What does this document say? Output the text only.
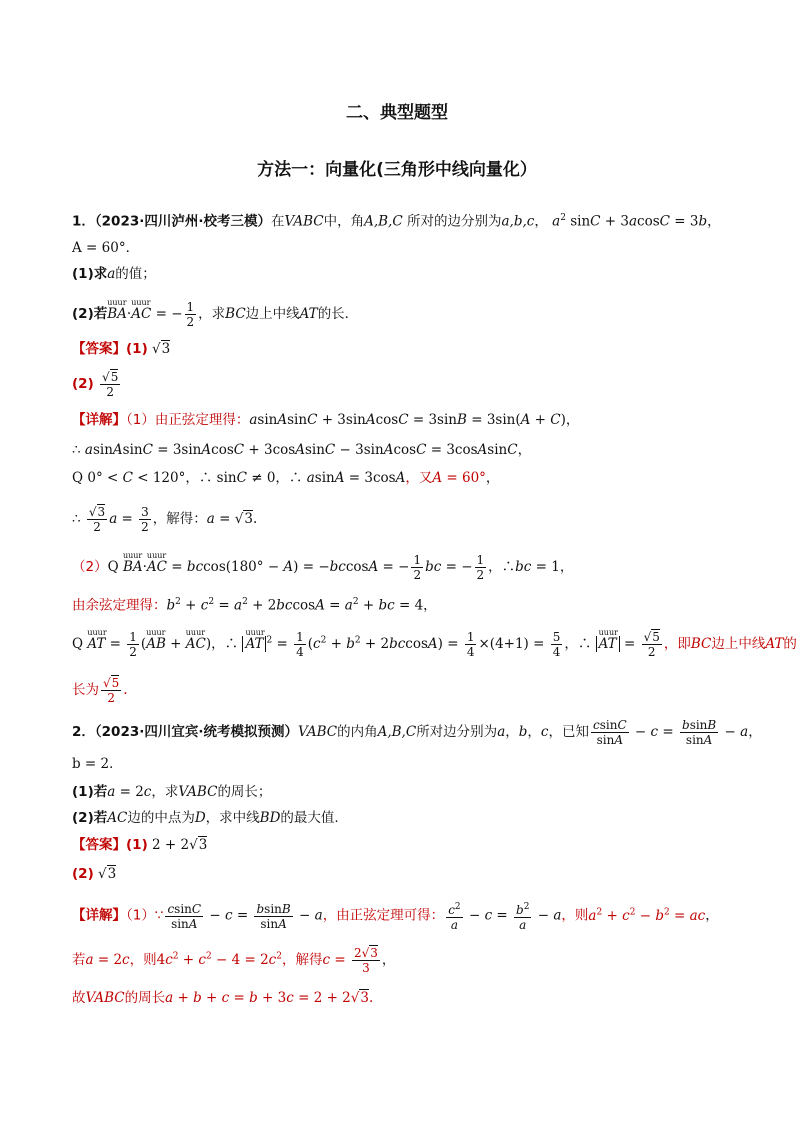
二、典型题型
方法一：向量化(三角形中线向量化）
1．（2023·四川泸州·校考三模）在VABC中，角A,B,C 所对的边分别为a,b,c， $a^2$ sinC + 3acosC = 3b，
A = 60°．
(1)求a的值；
(2)若
uuur
BA·
uuur
AC = − $\frac{1}{2}$ ，求BC边上中线AT的长．
【答案】(1) √3
$(2) \frac{√5}{2}$
【详解】（1）由正弦定理得：asinAsinC + 3sinAcosC = 3sinB = 3sin(A + C)，
∴ asinAsinC = 3sinAcosC + 3cosAsinC − 3sinAcosC = 3cosAsinC，
Q 0° < C < 120°，∴ sinC ≠ 0，∴ asinA = 3cosA，又A = 60°，
∴ $\frac{√3}{2}$ $a = \frac{3}{2}$ ，解得：a = √3.
（2）Q
uuur
BA·
uuur
AC = bccos(180° − A) = −bccosA = − $\frac{1}{2}$ bc = − $\frac{1}{2}$ ，∴bc = 1，
由余弦定理得：$b^2 + c^2 = a^2 + 2bccosA = a^2$ + bc = 4，
Q
uuur
AT = $\frac{1}{2}$ (
uuur
AB +
uuur
AC)，∴
uuur
AT $^2 = \frac{1}{4} (c^2 + b^2 + 2bccosA) = \frac{1}{4} \times(4+1) = \frac{5}{4}$ ，∴
uuur
AT = $\frac{√5}{2}$ ，即BC边上中线AT的
长为 $\frac{√5}{2}$ .
2．（2023·四川宜宾·统考模拟预测）VABC的内角A,B,C所对边分别为a，b，c，已知 $\frac{csinC}{\sin A} - c = \frac{bsinB}{\sin A} - a$，
b = 2．
(1)若a = 2c，求VABC的周长；
(2)若AC边的中点为D，求中线BD的最大值.
【答案】(1) 2 + 2√3
(2) √3
【详解】（1）∵ $\frac{csinC}{\sin A} - c = \frac{bsinB}{\sin A} - a$，由正弦定理可得： $\frac{c^2}{a} - c = \frac{b^2}{a} - a$，则$a^2 + c^2 - b^2$ = ac，
若a = 2c，则$4c^2 + c^2 - 4 = 2c^2$，解得$c = \frac{2√3}{3}$ ，
故VABC的周长a + b + c = b + 3c = 2 + 2√3.
